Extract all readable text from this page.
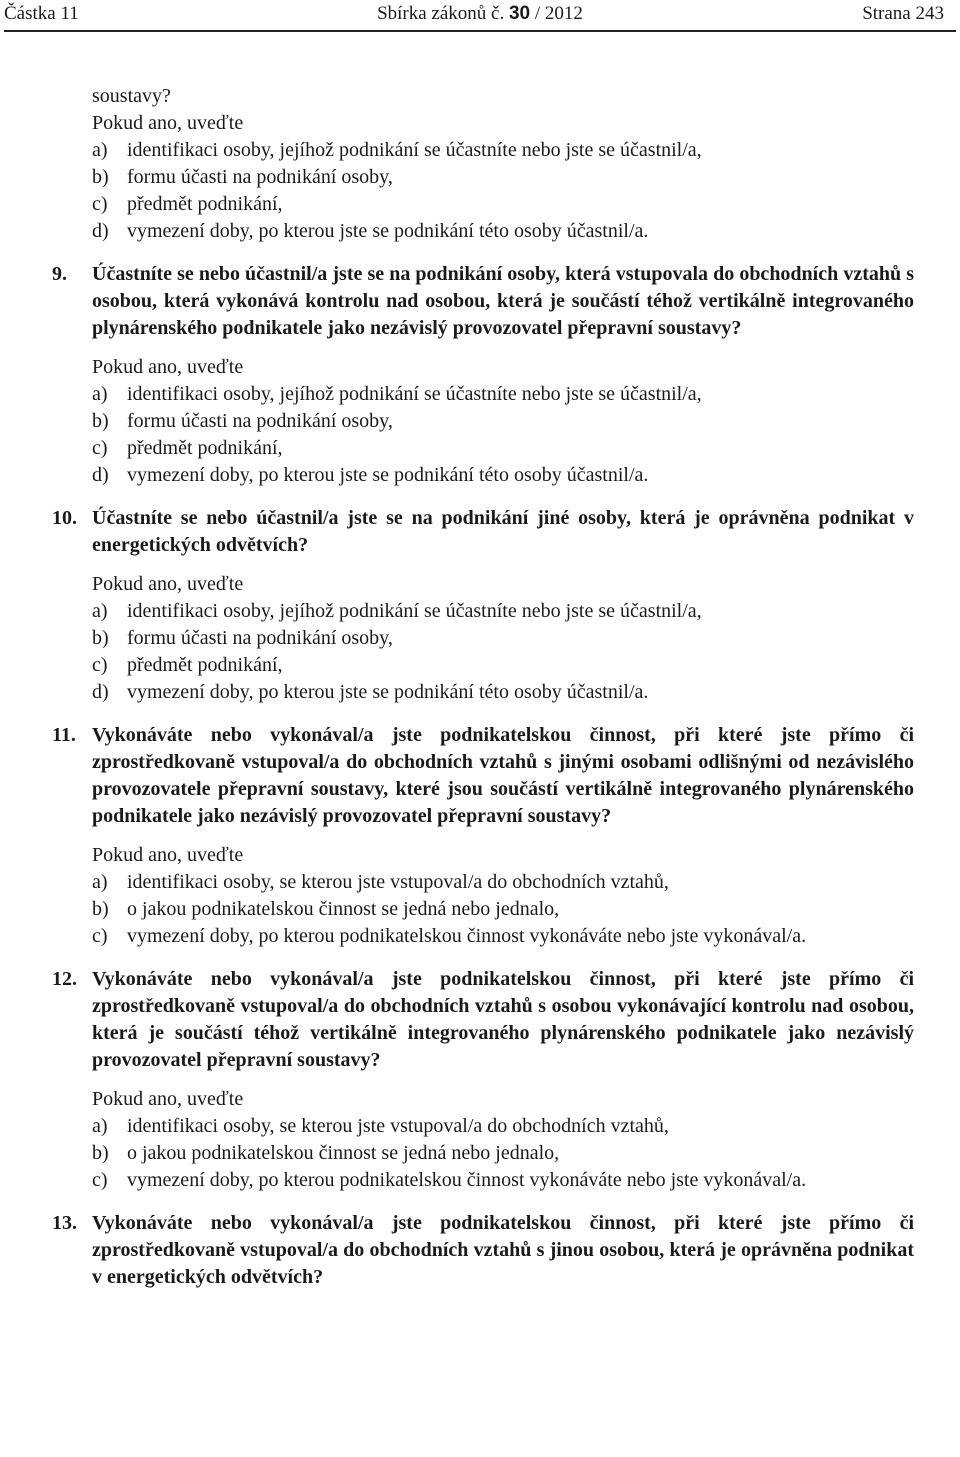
Částka 11	Sbírka zákonů č. 30 / 2012	Strana 243
soustavy?
Pokud ano, uveďte
a) identifikaci osoby, jejíhož podnikání se účastníte nebo jste se účastnil/a,
b) formu účasti na podnikání osoby,
c) předmět podnikání,
d) vymezení doby, po kterou jste se podnikání této osoby účastnil/a.
9. Účastníte se nebo účastnil/a jste se na podnikání osoby, která vstupovala do obchodních vztahů s osobou, která vykonává kontrolu nad osobou, která je součástí téhož vertikálně integrovaného plynárenského podnikatele jako nezávislý provozovatel přepravní soustavy?
Pokud ano, uveďte
a) identifikaci osoby, jejíhož podnikání se účastníte nebo jste se účastnil/a,
b) formu účasti na podnikání osoby,
c) předmět podnikání,
d) vymezení doby, po kterou jste se podnikání této osoby účastnil/a.
10. Účastníte se nebo účastnil/a jste se na podnikání jiné osoby, která je oprávněna podnikat v energetických odvětvích?
Pokud ano, uveďte
a) identifikaci osoby, jejíhož podnikání se účastníte nebo jste se účastnil/a,
b) formu účasti na podnikání osoby,
c) předmět podnikání,
d) vymezení doby, po kterou jste se podnikání této osoby účastnil/a.
11. Vykonáváte nebo vykonával/a jste podnikatelskou činnost, při které jste přímo či zprostředkovaně vstupoval/a do obchodních vztahů s jinými osobami odlišnými od nezávislého provozovatele přepravní soustavy, které jsou součástí vertikálně integrovaného plynárenského podnikatele jako nezávislý provozovatel přepravní soustavy?
Pokud ano, uveďte
a) identifikaci osoby, se kterou jste vstupoval/a do obchodních vztahů,
b) o jakou podnikatelskou činnost se jedná nebo jednalo,
c) vymezení doby, po kterou podnikatelskou činnost vykonáváte nebo jste vykonával/a.
12. Vykonáváte nebo vykonával/a jste podnikatelskou činnost, při které jste přímo či zprostředkovaně vstupoval/a do obchodních vztahů s osobou vykonávající kontrolu nad osobou, která je součástí téhož vertikálně integrovaného plynárenského podnikatele jako nezávislý provozovatel přepravní soustavy?
Pokud ano, uveďte
a) identifikaci osoby, se kterou jste vstupoval/a do obchodních vztahů,
b) o jakou podnikatelskou činnost se jedná nebo jednalo,
c) vymezení doby, po kterou podnikatelskou činnost vykonáváte nebo jste vykonával/a.
13. Vykonáváte nebo vykonával/a jste podnikatelskou činnost, při které jste přímo či zprostředkovaně vstupoval/a do obchodních vztahů s jinou osobou, která je oprávněna podnikat v energetických odvětvích?
